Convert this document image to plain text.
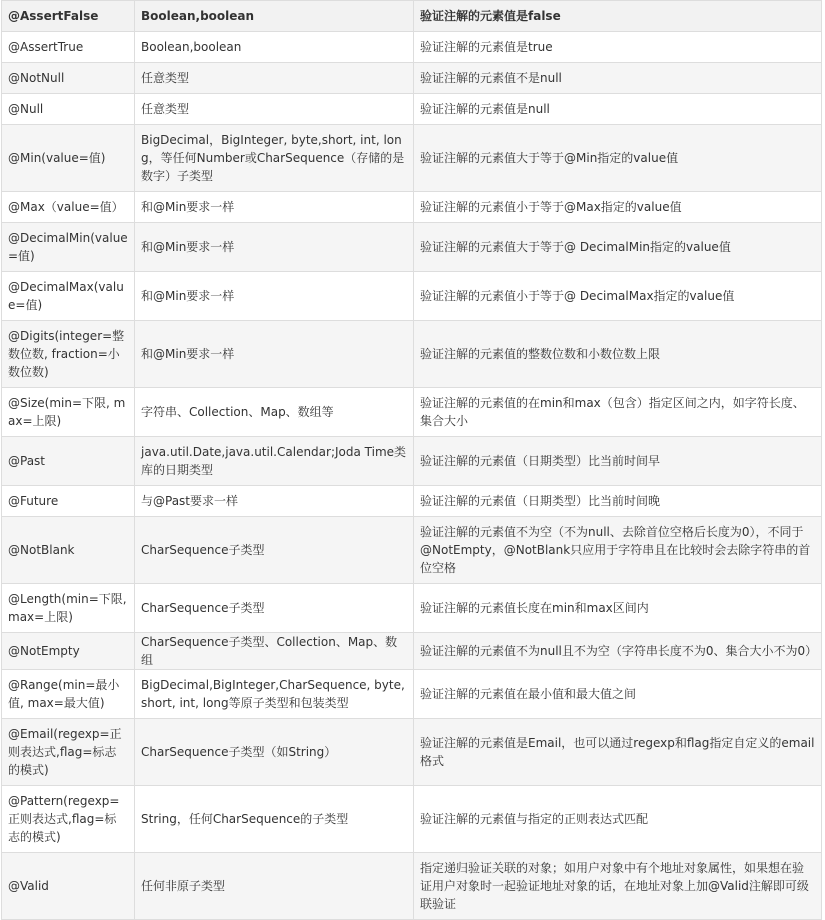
@AssertFalse	Boolean,boolean	验证注解的元素值是false
@AssertTrue	Boolean,boolean	验证注解的元素值是true
@NotNull	任意类型	验证注解的元素值不是null
@Null	任意类型	验证注解的元素值是null
@Min(value=值)	BigDecimal，BigInteger, byte,short, int, long，等任何Number或CharSequence（存储的是数字）子类型	验证注解的元素值大于等于@Min指定的value值
@Max（value=值）	和@Min要求一样	验证注解的元素值小于等于@Max指定的value值
@DecimalMin(value=值)	和@Min要求一样	验证注解的元素值大于等于@ DecimalMin指定的value值
@DecimalMax(value=值)	和@Min要求一样	验证注解的元素值小于等于@ DecimalMax指定的value值
@Digits(integer=整数位数, fraction=小数位数)	和@Min要求一样	验证注解的元素值的整数位数和小数位数上限
@Size(min=下限, max=上限)	字符串、Collection、Map、数组等	验证注解的元素值的在min和max（包含）指定区间之内，如字符长度、集合大小
@Past	java.util.Date,java.util.Calendar;Joda Time类库的日期类型	验证注解的元素值（日期类型）比当前时间早
@Future	与@Past要求一样	验证注解的元素值（日期类型）比当前时间晚
@NotBlank	CharSequence子类型	验证注解的元素值不为空（不为null、去除首位空格后长度为0），不同于@NotEmpty，@NotBlank只应用于字符串且在比较时会去除字符串的首位空格
@Length(min=下限, max=上限)	CharSequence子类型	验证注解的元素值长度在min和max区间内
@NotEmpty	CharSequence子类型、Collection、Map、数组	验证注解的元素值不为null且不为空（字符串长度不为0、集合大小不为0）
@Range(min=最小值, max=最大值)	BigDecimal,BigInteger,CharSequence, byte, short, int, long等原子类型和包装类型	验证注解的元素值在最小值和最大值之间
@Email(regexp=正则表达式,flag=标志的模式)	CharSequence子类型（如String）	验证注解的元素值是Email，也可以通过regexp和flag指定自定义的email格式
@Pattern(regexp=正则表达式,flag=标志的模式)	String，任何CharSequence的子类型	验证注解的元素值与指定的正则表达式匹配
@Valid	任何非原子类型	指定递归验证关联的对象；如用户对象中有个地址对象属性，如果想在验证用户对象时一起验证地址对象的话，在地址对象上加@Valid注解即可级联验证
